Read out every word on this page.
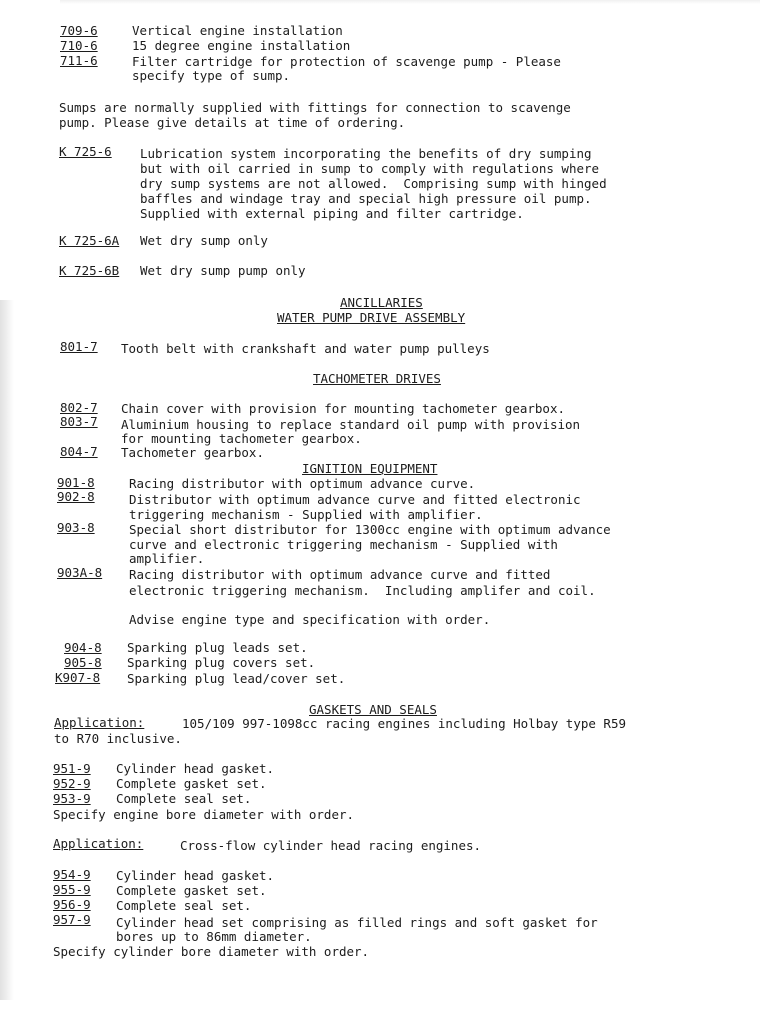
709-6	Vertical engine installation
710-6	15 degree engine installation
711-6	Filter cartridge for protection of scavenge pump - Please
specify type of sump.
Sumps are normally supplied with fittings for connection to scavenge
pump. Please give details at time of ordering.
K 725-6 Lubrication system incorporating the benefits of dry sumping
but with oil carried in sump to comply with regulations where
dry sump systems are not allowed.  Comprising sump with hinged
baffles and windage tray and special high pressure oil pump.
Supplied with external piping and filter cartridge.
K 725-6A Wet dry sump only
K 725-6B Wet dry sump pump only
ANCILLARIES
WATER PUMP DRIVE ASSEMBLY
801-7 Tooth belt with crankshaft and water pump pulleys
TACHOMETER DRIVES
802-7 Chain cover with provision for mounting tachometer gearbox.
803-7 Aluminium housing to replace standard oil pump with provision
for mounting tachometer gearbox.
804-7 Tachometer gearbox.
IGNITION EQUIPMENT
901-8	Racing distributor with optimum advance curve.
902-8	Distributor with optimum advance curve and fitted electronic
triggering mechanism - Supplied with amplifier.
903-8	Special short distributor for 1300cc engine with optimum advance
curve and electronic triggering mechanism - Supplied with
amplifier.
903A-8 Racing distributor with optimum advance curve and fitted
electronic triggering mechanism.  Including amplifer and coil.
Advise engine type and specification with order.
904-8 Sparking plug leads set.
905-8 Sparking plug covers set.
K907-8 Sparking plug lead/cover set.
GASKETS AND SEALS
Application:	105/109 997-1098cc racing engines including Holbay type R59
to R70 inclusive.
951-9 Cylinder head gasket.
952-9 Complete gasket set.
953-9 Complete seal set.
Specify engine bore diameter with order.
Application:	Cross-flow cylinder head racing engines.
954-9 Cylinder head gasket.
955-9 Complete gasket set.
956-9 Complete seal set.
957-9 Cylinder head set comprising as filled rings and soft gasket for
bores up to 86mm diameter.
Specify cylinder bore diameter with order.
